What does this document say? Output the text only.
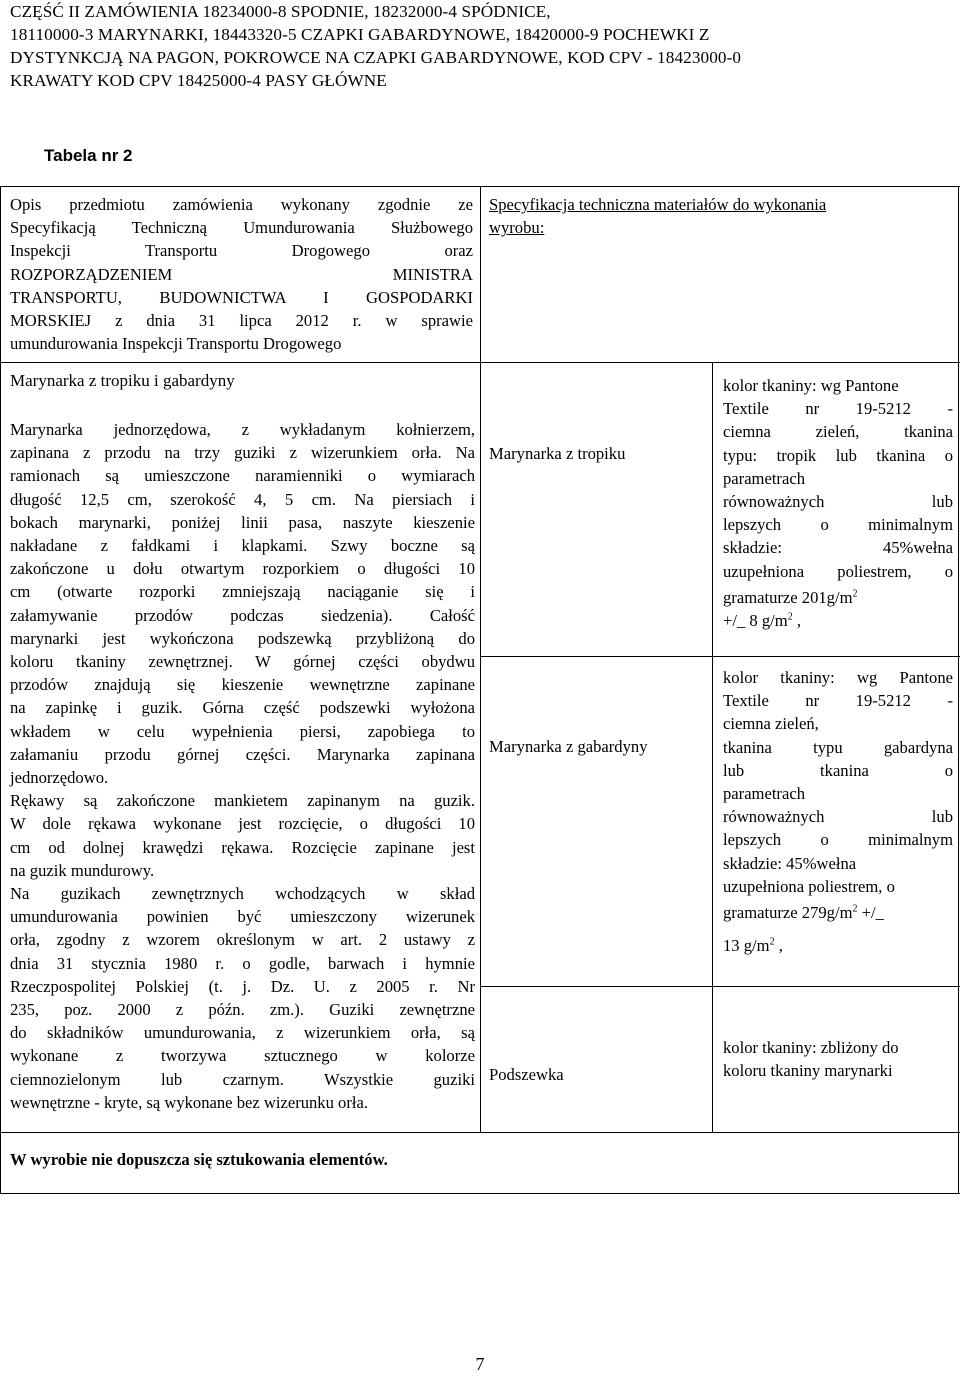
CZĘŚĆ II ZAMÓWIENIA 18234000-8 SPODNIE, 18232000-4 SPÓDNICE,
18110000-3 MARYNARKI, 18443320-5 CZAPKI GABARDYNOWE, 18420000-9 POCHEWKI Z
DYSTYNKCJĄ NA PAGON, POKROWCE NA CZAPKI GABARDYNOWE, KOD CPV - 18423000-0
KRAWATY KOD CPV 18425000-4 PASY GŁÓWNE
Tabela nr 2
Opis przedmiotu zamówienia wykonany zgodnie ze
Specyfikacją Techniczną Umundurowania Służbowego
Inspekcji Transportu Drogowego oraz
ROZPORZĄDZENIEM MINISTRA
TRANSPORTU, BUDOWNICTWA I GOSPODARKI
MORSKIEJ z dnia 31 lipca 2012 r. w sprawie
umundurowania Inspekcji Transportu Drogowego
Specyfikacja techniczna materiałów do wykonania
wyrobu:
Marynarka z tropiku i gabardyny
Marynarka jednorzędowa, z wykładanym kołnierzem,
zapinana z przodu na trzy guziki z wizerunkiem orła. Na
ramionach są umieszczone naramienniki o wymiarach
długość 12,5 cm, szerokość 4, 5 cm. Na piersiach i
bokach marynarki, poniżej linii pasa, naszyte kieszenie
nakładane z fałdkami i klapkami. Szwy boczne są
zakończone u dołu otwartym rozporkiem o długości 10
cm (otwarte rozporki zmniejszają naciąganie się i
załamywanie przodów podczas siedzenia). Całość
marynarki jest wykończona podszewką przybliżoną do
koloru tkaniny zewnętrznej. W górnej części obydwu
przodów znajdują się kieszenie wewnętrzne zapinane
na zapinkę i guzik. Górna część podszewki wyłożona
wkładem w celu wypełnienia piersi, zapobiega to
załamaniu przodu górnej części. Marynarka zapinana
jednorzędowo.
Rękawy są zakończone mankietem zapinanym na guzik.
W dole rękawa wykonane jest rozcięcie, o długości 10
cm od dolnej krawędzi rękawa. Rozcięcie zapinane jest
na guzik mundurowy.
Na guzikach zewnętrznych wchodzących w skład
umundurowania powinien być umieszczony wizerunek
orła, zgodny z wzorem określonym w art. 2 ustawy z
dnia 31 stycznia 1980 r. o godle, barwach i hymnie
Rzeczpospolitej Polskiej (t. j. Dz. U. z 2005 r. Nr
235, poz. 2000 z późn. zm.). Guziki zewnętrzne
do składników umundurowania, z wizerunkiem orła, są
wykonane z tworzywa sztucznego w kolorze
ciemnozielonym lub czarnym. Wszystkie guziki
wewnętrzne - kryte, są wykonane bez wizerunku orła.
Marynarka z tropiku
Marynarka z gabardyny
Podszewka
kolor tkaniny: wg Pantone
Textile nr 19-5212 -
ciemna zieleń, tkanina
typu: tropik lub tkanina o
parametrach
równoważnych lub
lepszych o minimalnym
składzie: 45%wełna
uzupełniona poliestrem, o
gramaturze $201g/m^2$
+/_ 8 $g/m^2$ ,
kolor tkaniny: wg Pantone
Textile nr 19-5212 -
ciemna zieleń,
tkanina typu gabardyna
lub tkanina o
parametrach
równoważnych lub
lepszych o minimalnym
składzie: 45%wełna
uzupełniona poliestrem, o
gramaturze $279g/m^2$ +/_
13 $g/m^2$ ,
kolor tkaniny: zbliżony do
koloru tkaniny marynarki
W wyrobie nie dopuszcza się sztukowania elementów.
7
